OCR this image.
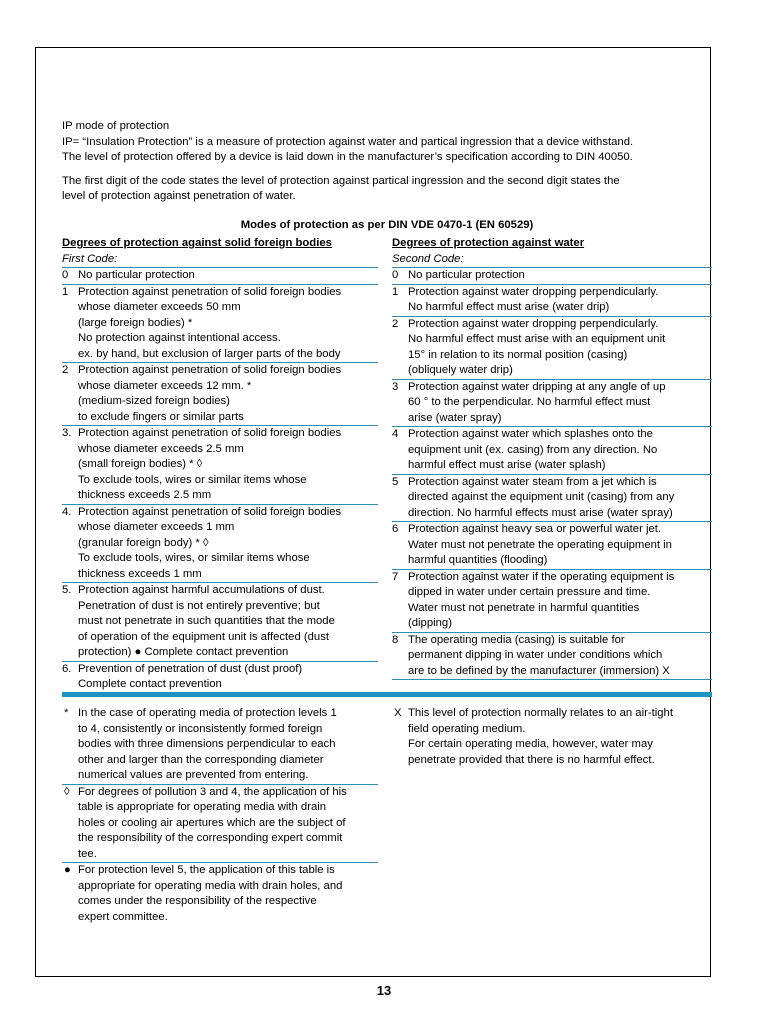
IP mode of protection

IP= “Insulation Protection” is a measure of protection against water and partical ingression that a device withstand.

The level of protection offered by a device is laid down in the manufacturer’s specification according to DIN 40050.

The first digit of the code states the level of protection against partical ingression and the second digit states the

level of protection against penetration of water.

Modes of protection as per DIN VDE 0470-1 (EN 60529)
Degrees of protection against solid foreign bodies
First Code:
0 No particular protection
1 Protection against penetration of solid foreign bodies
whose diameter exceeds 50 mm
(large foreign bodies) *
No protection against intentional access.
ex. by hand, but exclusion of larger parts of the body
2 Protection against penetration of solid foreign bodies
whose diameter exceeds 12 mm. *
(medium-sized foreign bodies)
to exclude fingers or similar parts
3. Protection against penetration of solid foreign bodies
whose diameter exceeds 2.5 mm
(small foreign bodies) * ◊
To exclude tools, wires or similar items whose
thickness exceeds 2.5 mm
4. Protection against penetration of solid foreign bodies
whose diameter exceeds 1 mm
(granular foreign body) * ◊
To exclude tools, wires, or similar items whose
thickness exceeds 1 mm
5. Protection against harmful accumulations of dust.
Penetration of dust is not entirely preventive; but
must not penetrate in such quantities that the mode
of operation of the equipment unit is affected (dust
protection) ● Complete contact prevention
6. Prevention of penetration of dust (dust proof)
Complete contact prevention
Degrees of protection against water
Second Code:
0 No particular protection
1 Protection against water dropping perpendicularly.
No harmful effect must arise (water drip)
2 Protection against water dropping perpendicularly.
No harmful effect must arise with an equipment unit
15° in relation to its normal position (casing)
(obliquely water drip)
3 Protection against water dripping at any angle of up
60 ° to the perpendicular. No harmful effect must
arise (water spray)
4 Protection against water which splashes onto the
equipment unit (ex. casing) from any direction. No
harmful effect must arise (water splash)
5 Protection against water steam from a jet which is
directed against the equipment unit (casing) from any
direction. No harmful effects must arise (water spray)
6 Protection against heavy sea or powerful water jet.
Water must not penetrate the operating equipment in
harmful quantities (flooding)
7 Protection against water if the operating equipment is
dipped in water under certain pressure and time.
Water must not penetrate in harmful quantities
(dipping)
8 The operating media (casing) is suitable for
permanent dipping in water under conditions which
are to be defined by the manufacturer (immersion) X
* In the case of operating media of protection levels 1
to 4, consistently or inconsistently formed foreign
bodies with three dimensions perpendicular to each
other and larger than the corresponding diameter
numerical values are prevented from entering.
◊ For degrees of pollution 3 and 4, the application of his
table is appropriate for operating media with drain
holes or cooling air apertures which are the subject of
the responsibility of the corresponding expert commit
tee.
● For protection level 5, the application of this table is
appropriate for operating media with drain holes, and
comes under the responsibility of the respective
expert committee.
X This level of protection normally relates to an air-tight
field operating medium.
For certain operating media, however, water may
penetrate provided that there is no harmful effect.
13
